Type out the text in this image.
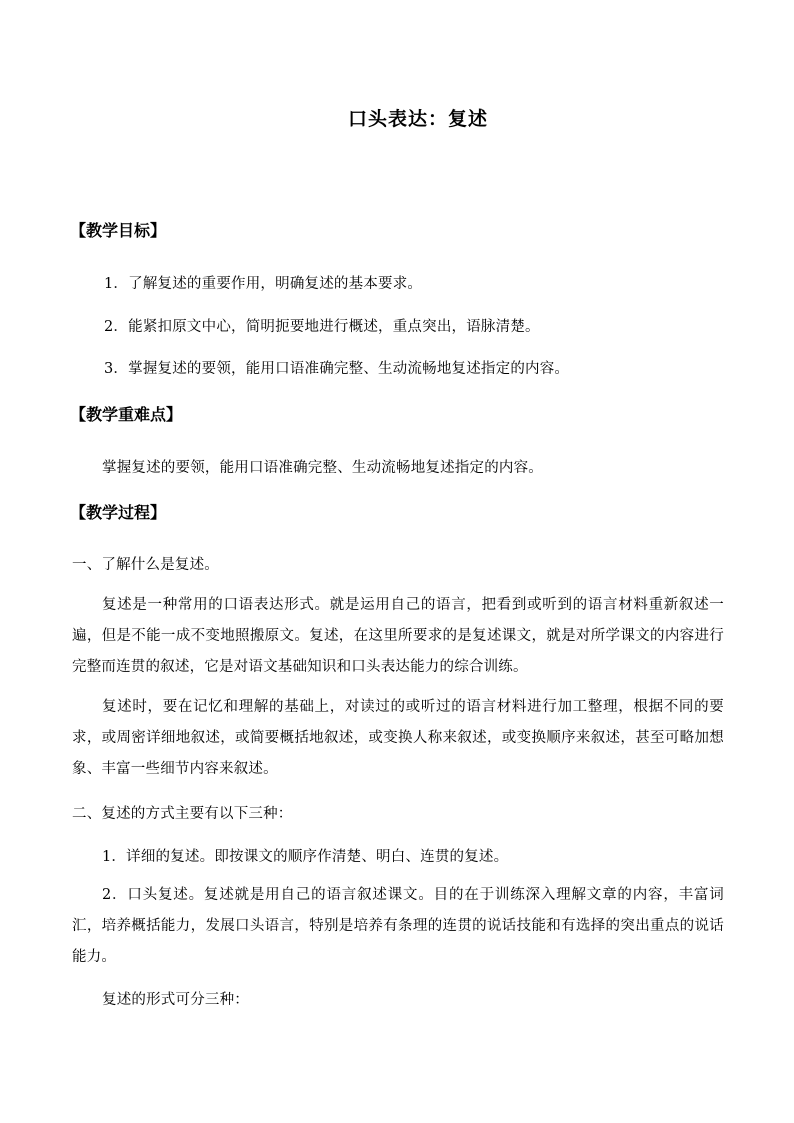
口头表达：复述
【教学目标】
1．了解复述的重要作用，明确复述的基本要求。
2．能紧扣原文中心，简明扼要地进行概述，重点突出，语脉清楚。
3．掌握复述的要领，能用口语准确完整、生动流畅地复述指定的内容。
【教学重难点】
掌握复述的要领，能用口语准确完整、生动流畅地复述指定的内容。
【教学过程】
一、了解什么是复述。
复述是一种常用的口语表达形式。就是运用自己的语言，把看到或听到的语言材料重新叙述一遍，但是不能一成不变地照搬原文。复述，在这里所要求的是复述课文，就是对所学课文的内容进行完整而连贯的叙述，它是对语文基础知识和口头表达能力的综合训练。
复述时，要在记忆和理解的基础上，对读过的或听过的语言材料进行加工整理，根据不同的要求，或周密详细地叙述，或简要概括地叙述，或变换人称来叙述，或变换顺序来叙述，甚至可略加想象、丰富一些细节内容来叙述。
二、复述的方式主要有以下三种：
1．详细的复述。即按课文的顺序作清楚、明白、连贯的复述。
2．口头复述。复述就是用自己的语言叙述课文。目的在于训练深入理解文章的内容，丰富词汇，培养概括能力，发展口头语言，特别是培养有条理的连贯的说话技能和有选择的突出重点的说话能力。
复述的形式可分三种：
